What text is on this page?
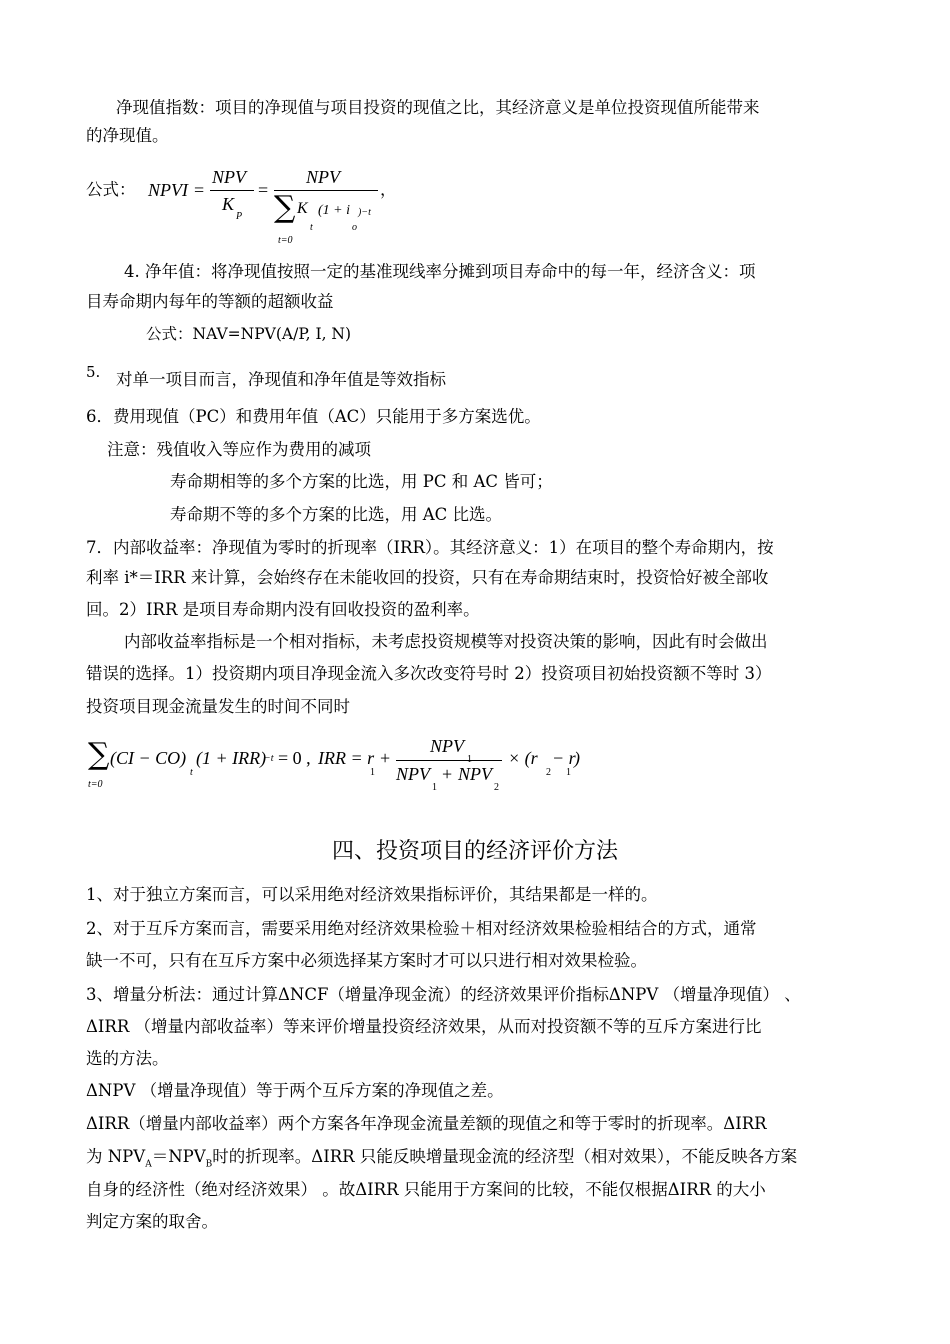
净现值指数：项目的净现值与项目投资的现值之比，其经济意义是单位投资现值所能带来
的净现值。
公式： NPVI =
NPV
K
P
=
NPV
∑ K
t
(1 + i
o
)−t
t=0
，
4. 净年值：将净现值按照一定的基准现线率分摊到项目寿命中的每一年，经济含义：项
目寿命期内每年的等额的超额收益
公式：NAV=NPV(A/P, I, N)
5. 对单一项目而言，净现值和净年值是等效指标
6．费用现值（PC）和费用年值（AC）只能用于多方案选优。
注意：残值收入等应作为费用的减项
寿命期相等的多个方案的比选，用 PC 和 AC 皆可；
寿命期不等的多个方案的比选，用 AC 比选。
7．内部收益率：净现值为零时的折现率（IRR）。其经济意义：1）在项目的整个寿命期内，按
利率 i*＝IRR 来计算，会始终存在未能收回的投资，只有在寿命期结束时，投资恰好被全部收
回。2）IRR 是项目寿命期内没有回收投资的盈利率。
内部收益率指标是一个相对指标，未考虑投资规模等对投资决策的影响，因此有时会做出
错误的选择。1）投资期内项目净现金流入多次改变符号时 2）投资项目初始投资额不等时 3）
投资项目现金流量发生的时间不同时
∑
t=0
(CI − CO)
t
(1 + IRR)
−t = 0 , IRR = r
1
+
NPV
1
NPV
1
+ NPV
2
× (r
2
− r
1
)
四、投资项目的经济评价方法
1、对于独立方案而言，可以采用绝对经济效果指标评价，其结果都是一样的。
2、对于互斥方案而言，需要采用绝对经济效果检验＋相对经济效果检验相结合的方式，通常
缺一不可，只有在互斥方案中必须选择某方案时才可以只进行相对效果检验。
3、增量分析法：通过计算ΔNCF（增量净现金流）的经济效果评价指标ΔNPV （增量净现值） 、
ΔIRR （增量内部收益率）等来评价增量投资经济效果，从而对投资额不等的互斥方案进行比
选的方法。
ΔNPV （增量净现值）等于两个互斥方案的净现值之差。
ΔIRR（增量内部收益率）两个方案各年净现金流量差额的现值之和等于零时的折现率。ΔIRR
为 $NPV_A=NPV_B$时的折现率。ΔIRR 只能反映增量现金流的经济型（相对效果），不能反映各方案
自身的经济性（绝对经济效果） 。故ΔIRR 只能用于方案间的比较，不能仅根据ΔIRR 的大小
判定方案的取舍。
